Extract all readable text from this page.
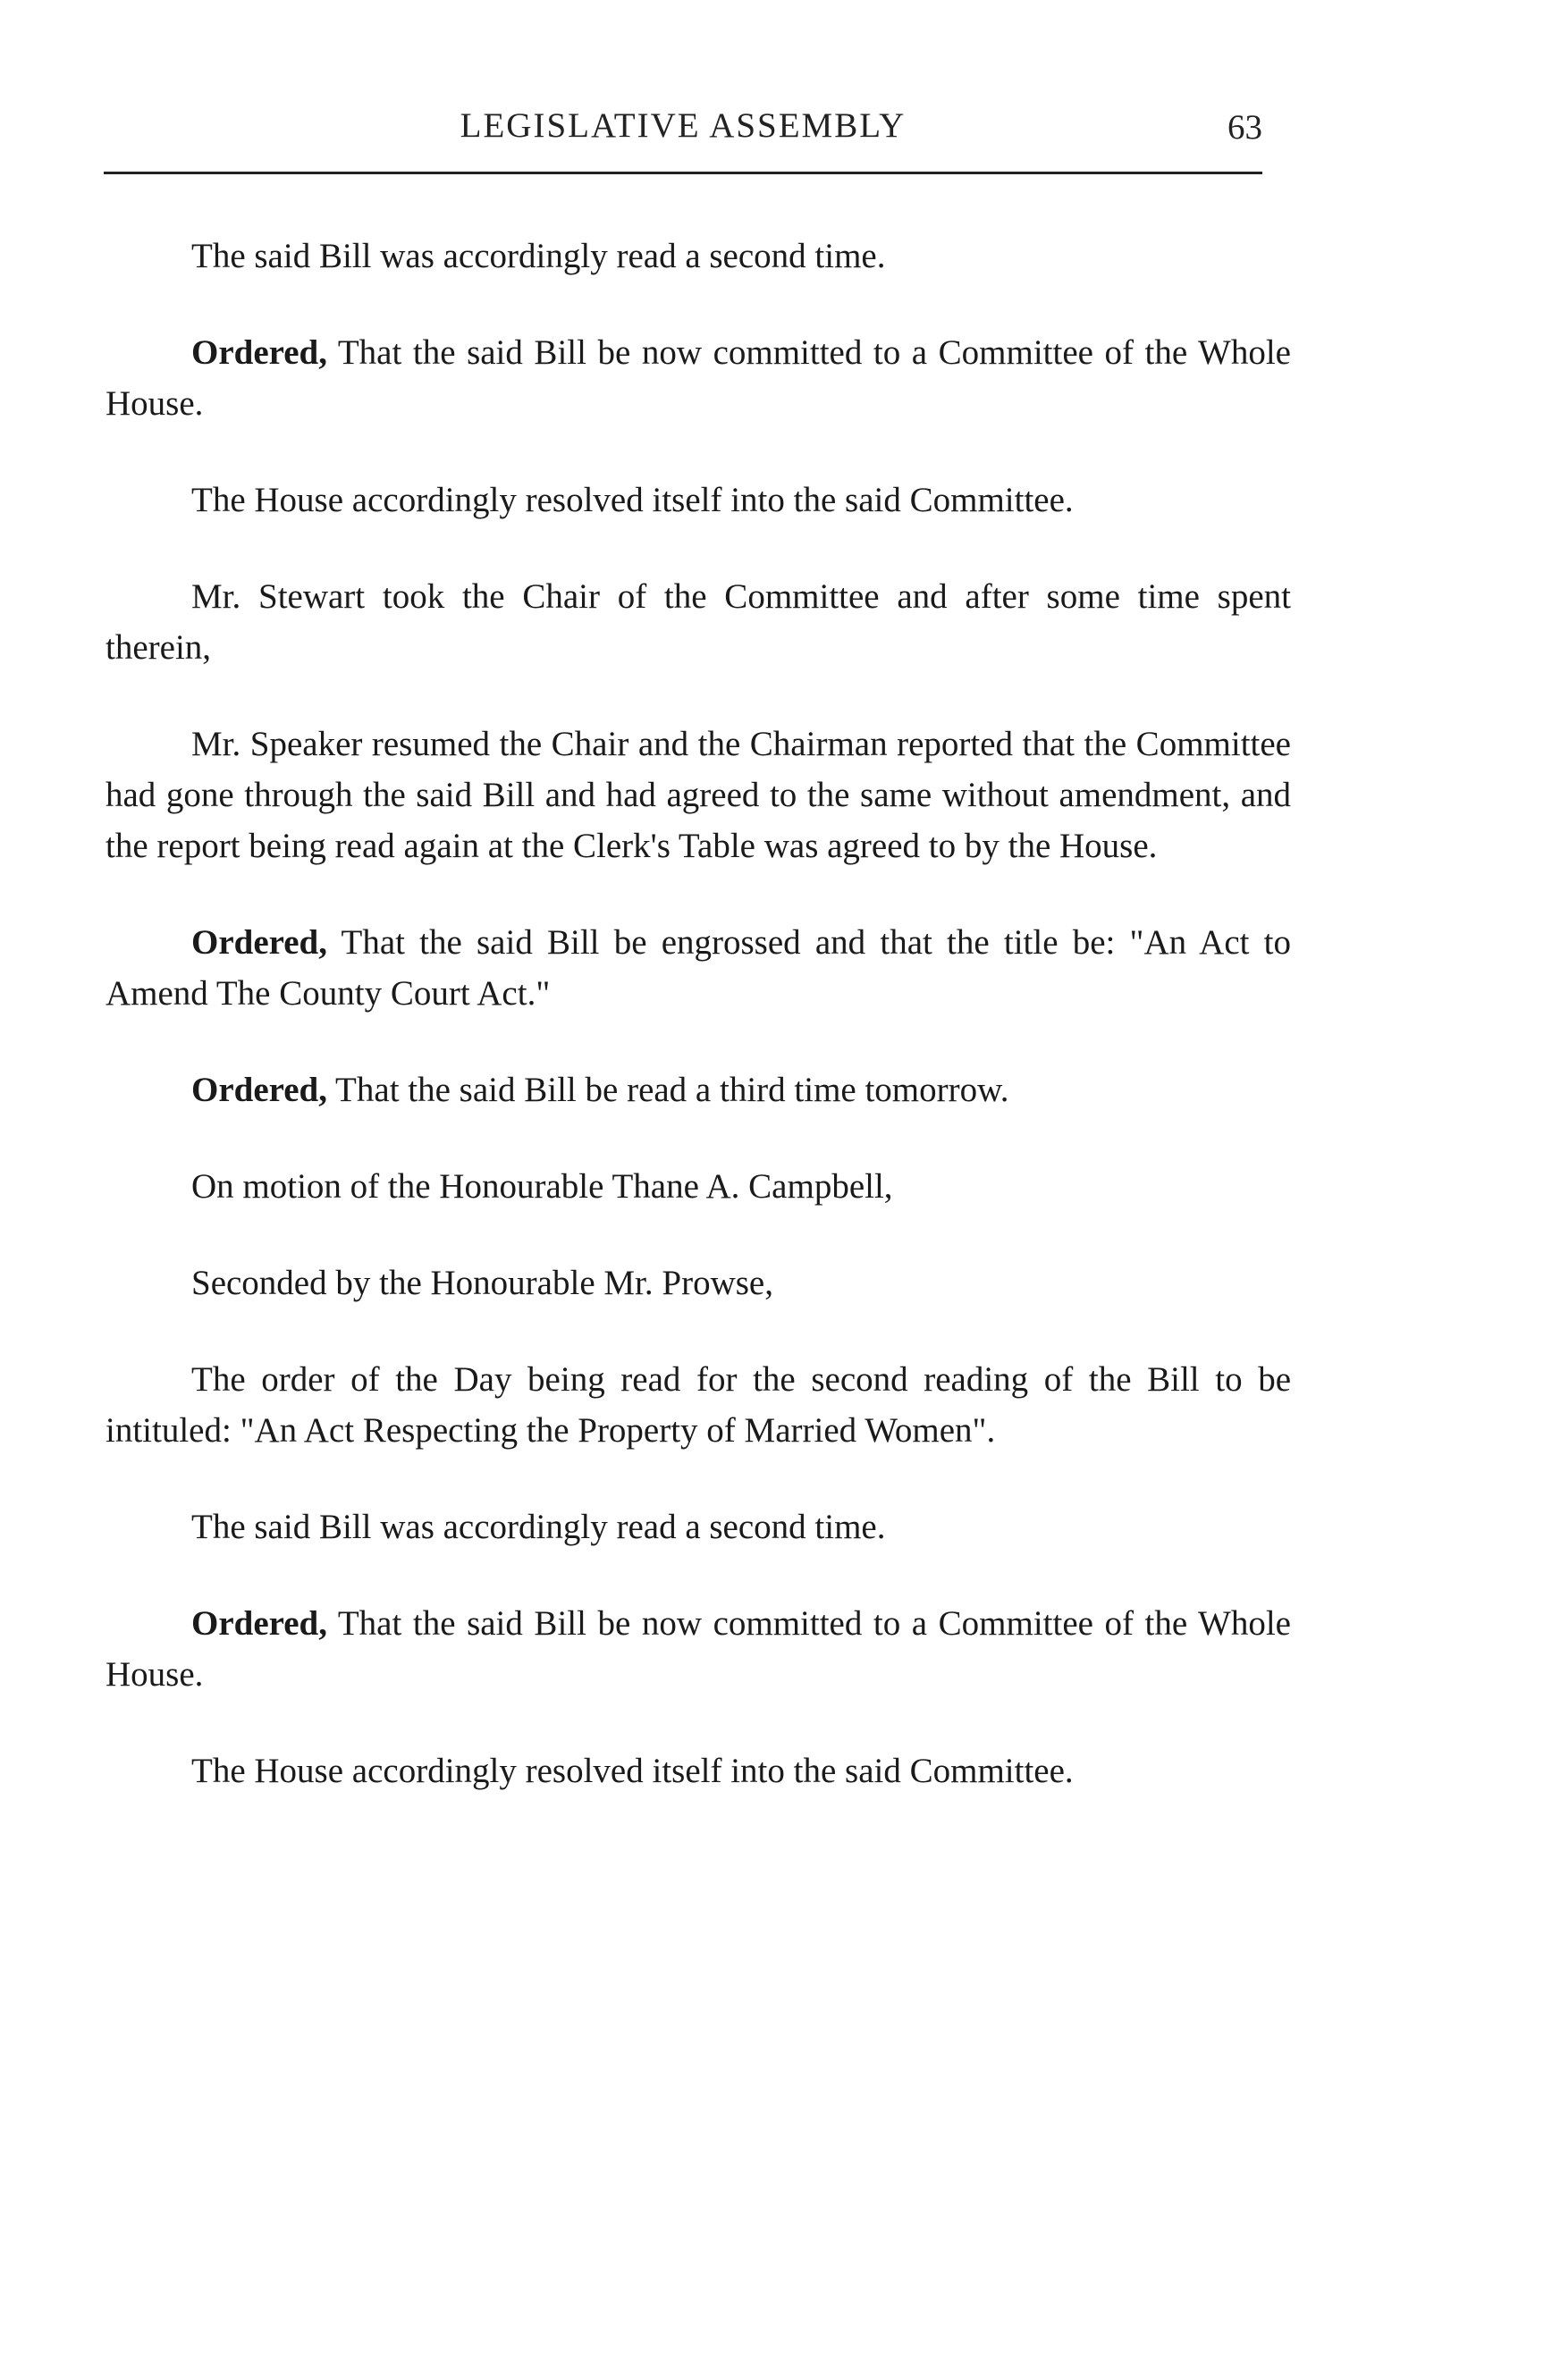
LEGISLATIVE ASSEMBLY	63

The said Bill was accordingly read a second time.

Ordered, That the said Bill be now committed to a Committee of the Whole House.

The House accordingly resolved itself into the said Committee.

Mr. Stewart took the Chair of the Committee and after some time spent therein,

Mr. Speaker resumed the Chair and the Chairman reported that the Committee had gone through the said Bill and had agreed to the same without amendment, and the report being read again at the Clerk's Table was agreed to by the House.

Ordered, That the said Bill be engrossed and that the title be: "An Act to Amend The County Court Act."

Ordered, That the said Bill be read a third time tomorrow.

On motion of the Honourable Thane A. Campbell,

Seconded by the Honourable Mr. Prowse,

The order of the Day being read for the second reading of the Bill to be intituled: "An Act Respecting the Property of Married Women".

The said Bill was accordingly read a second time.

Ordered, That the said Bill be now committed to a Committee of the Whole House.

The House accordingly resolved itself into the said Committee.
